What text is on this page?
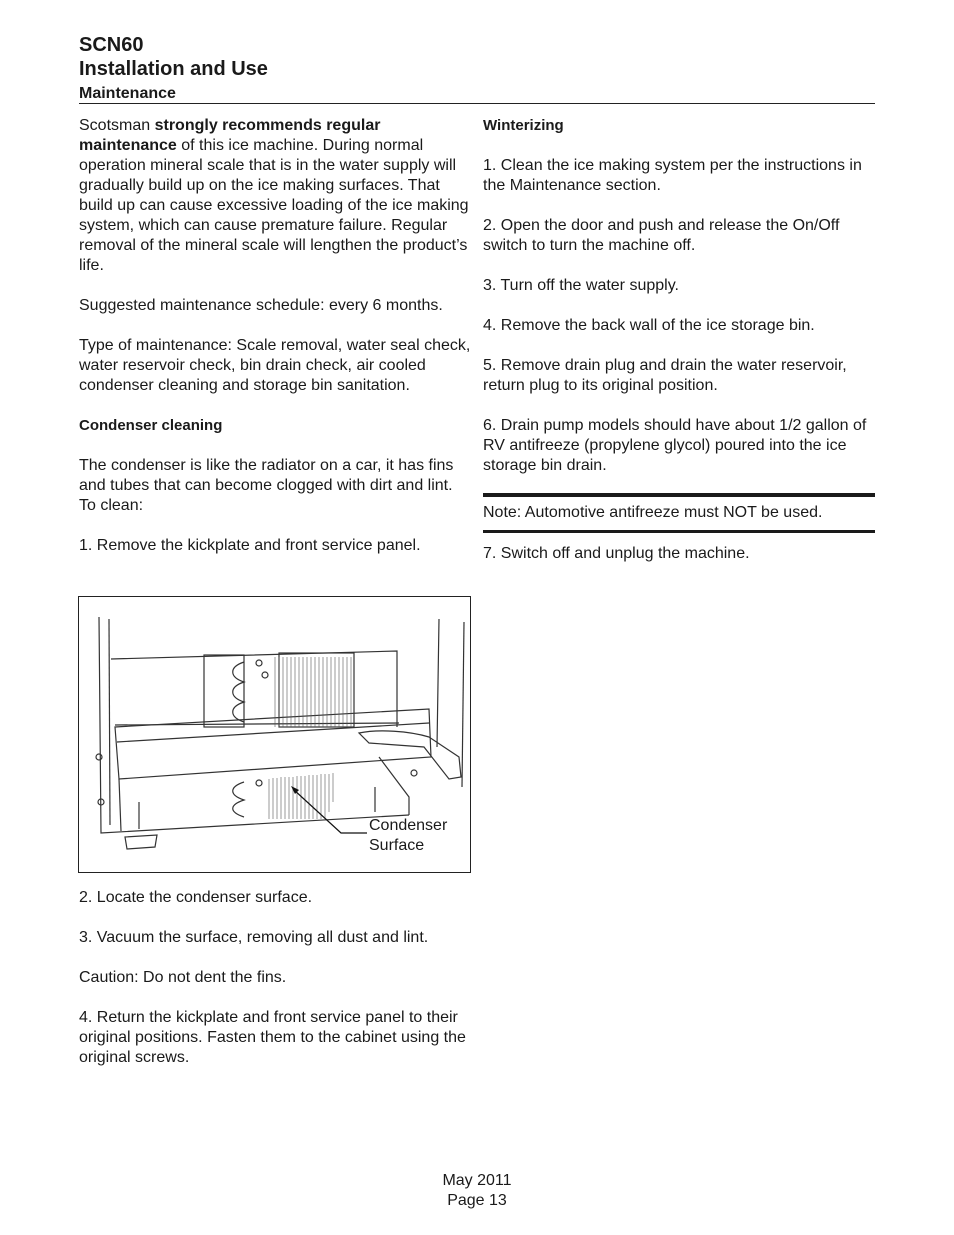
SCN60
Installation and Use
Maintenance

Scotsman strongly recommends regular maintenance of this ice machine. During normal operation mineral scale that is in the water supply will gradually build up on the ice making surfaces. That build up can cause excessive loading of the ice making system, which can cause premature failure. Regular removal of the mineral scale will lengthen the product’s life.

Suggested maintenance schedule: every 6 months.

Type of maintenance: Scale removal, water seal check, water reservoir check, bin drain check, air cooled condenser cleaning and storage bin sanitation.

Condenser cleaning

The condenser is like the radiator on a car, it has fins and tubes that can become clogged with dirt and lint. To clean:

1. Remove the kickplate and front service panel.

Condenser
Surface

2. Locate the condenser surface.

3. Vacuum the surface, removing all dust and lint.

Caution: Do not dent the fins.

4. Return the kickplate and front service panel to their original positions. Fasten them to the cabinet using the original screws.

Winterizing

1. Clean the ice making system per the instructions in the Maintenance section.

2. Open the door and push and release the On/Off switch to turn the machine off.

3. Turn off the water supply.

4. Remove the back wall of the ice storage bin.

5. Remove drain plug and drain the water reservoir, return plug to its original position.

6. Drain pump models should have about 1/2 gallon of RV antifreeze (propylene glycol) poured into the ice storage bin drain.

Note: Automotive antifreeze must NOT be used.
7. Switch off and unplug the machine.
May 2011
Page 13
